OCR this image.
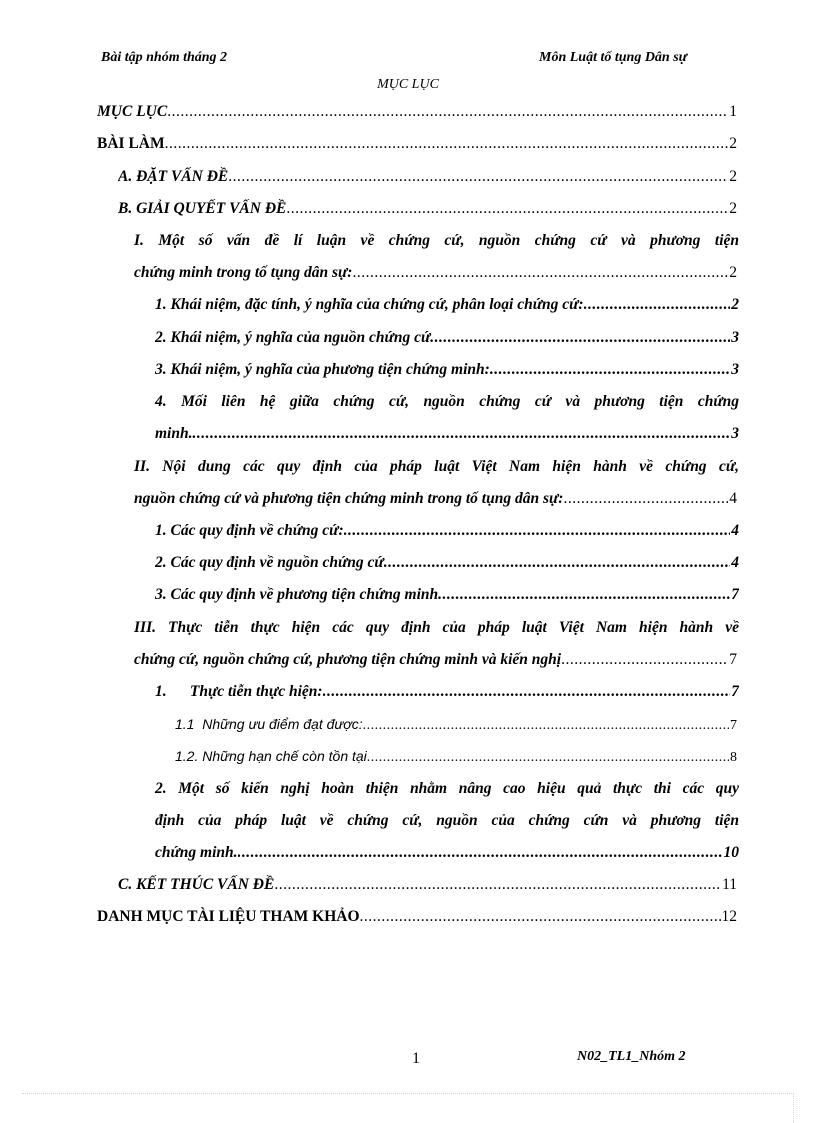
Bài tập nhóm tháng 2	Môn Luật tố tụng Dân sự
MỤC LỤC
MỤC LỤC .....	1
BÀI LÀM .....	2
A. ĐẶT VẤN ĐỀ .....	2
B. GIẢI QUYẾT VẤN ĐỀ .....	2
I. Một số vấn đề lí luận về chứng cứ, nguồn chứng cứ và phương tiện
chứng minh trong tố tụng dân sự: .....	2
1. Khái niệm, đặc tính, ý nghĩa của chứng cứ, phân loại chứng cứ: .....	2
2. Khái niệm, ý nghĩa của nguồn chứng cứ .....	3
3. Khái niệm, ý nghĩa của phương tiện chứng minh: .....	3
4. Mối liên hệ giữa chứng cứ, nguồn chứng cứ và phương tiện chứng
minh. .....	3
II. Nội dung các quy định của pháp luật Việt Nam hiện hành về chứng cứ,
nguồn chứng cứ và phương tiện chứng minh trong tố tụng dân sự: .....	4
1. Các quy định về chứng cứ: .....	4
2. Các quy định về nguồn chứng cứ .....	4
3. Các quy định về phương tiện chứng minh .....	7
III. Thực tiễn thực hiện các quy định của pháp luật Việt Nam hiện hành về
chứng cứ, nguồn chứng cứ, phương tiện chứng minh và kiến nghị .....	7
1.      Thực tiễn thực hiện: .....	7
1.1  Những ưu điểm đạt được: .....	7
1.2. Những hạn chế còn tồn tại .....	8
2. Một số kiến nghị hoàn thiện nhằm nâng cao hiệu quả thực thi các quy
định của pháp luật về chứng cứ, nguồn của chứng cứn và phương tiện
chứng minh. .....	10
C. KẾT THÚC VẤN ĐỀ .....	11
DANH MỤC TÀI LIỆU THAM KHẢO .....	12
1	N02_TL1_Nhóm 2
